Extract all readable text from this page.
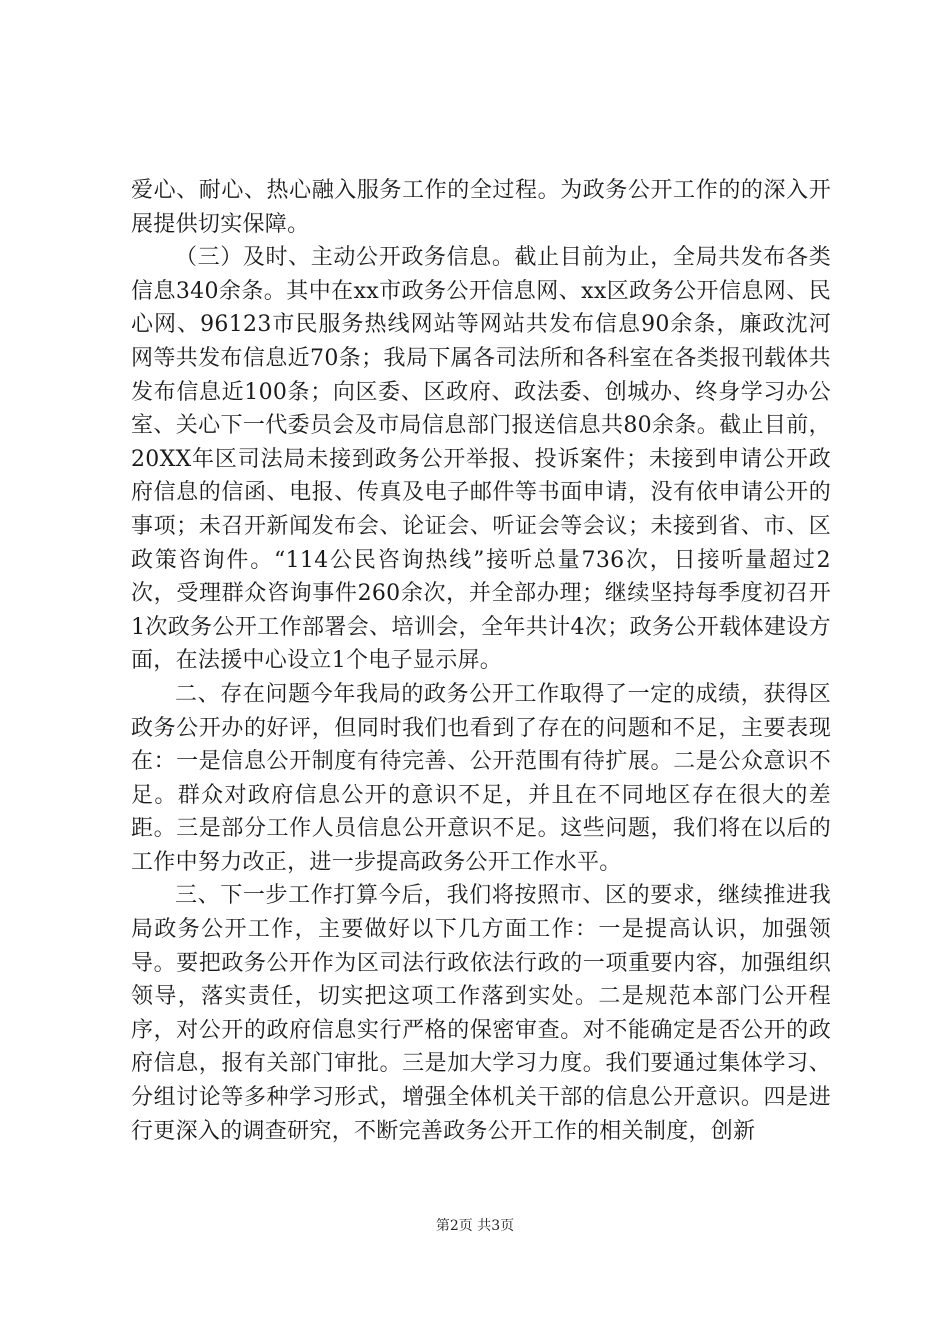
爱心、耐心、热心融入服务工作的全过程。为政务公开工作的的深入开展提供切实保障。

（三）及时、主动公开政务信息。截止目前为止，全局共发布各类信息340余条。其中在xx市政务公开信息网、xx区政务公开信息网、民心网、96123市民服务热线网站等网站共发布信息90余条，廉政沈河网等共发布信息近70条；我局下属各司法所和各科室在各类报刊载体共发布信息近100条；向区委、区政府、政法委、创城办、终身学习办公室、关心下一代委员会及市局信息部门报送信息共80余条。截止目前，20XX年区司法局未接到政务公开举报、投诉案件；未接到申请公开政府信息的信函、电报、传真及电子邮件等书面申请，没有依申请公开的事项；未召开新闻发布会、论证会、听证会等会议；未接到省、市、区政策咨询件。“114公民咨询热线”接听总量736次，日接听量超过2次，受理群众咨询事件260余次，并全部办理；继续坚持每季度初召开1次政务公开工作部署会、培训会，全年共计4次；政务公开载体建设方面，在法援中心设立1个电子显示屏。

二、存在问题今年我局的政务公开工作取得了一定的成绩，获得区政务公开办的好评，但同时我们也看到了存在的问题和不足，主要表现在：一是信息公开制度有待完善、公开范围有待扩展。二是公众意识不足。群众对政府信息公开的意识不足，并且在不同地区存在很大的差距。三是部分工作人员信息公开意识不足。这些问题，我们将在以后的工作中努力改正，进一步提高政务公开工作水平。

三、下一步工作打算今后，我们将按照市、区的要求，继续推进我局政务公开工作，主要做好以下几方面工作：一是提高认识，加强领导。要把政务公开作为区司法行政依法行政的一项重要内容，加强组织领导，落实责任，切实把这项工作落到实处。二是规范本部门公开程序，对公开的政府信息实行严格的保密审查。对不能确定是否公开的政府信息，报有关部门审批。三是加大学习力度。我们要通过集体学习、分组讨论等多种学习形式，增强全体机关干部的信息公开意识。四是进行更深入的调查研究，不断完善政务公开工作的相关制度，创新

第2页 共3页
